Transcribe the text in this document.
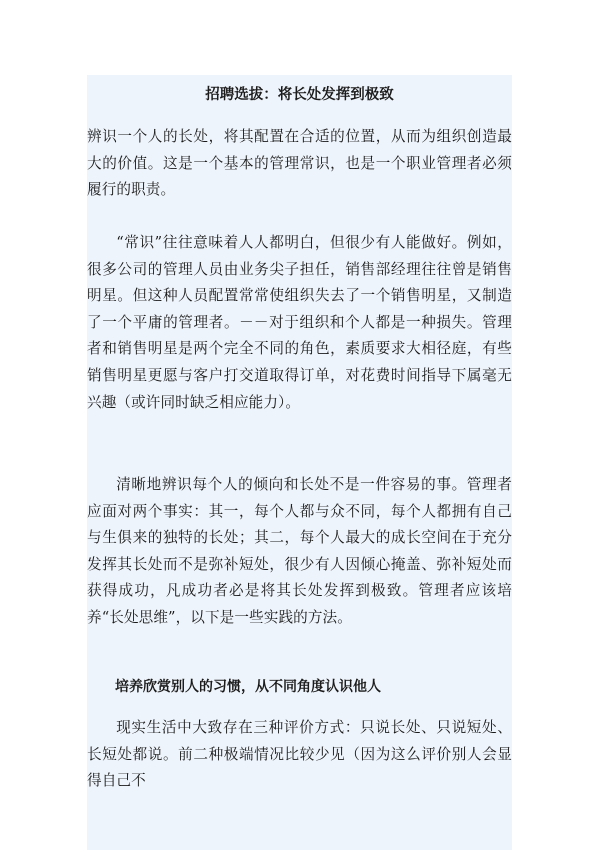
招聘选拔：将长处发挥到极致

辨识一个人的长处，将其配置在合适的位置，从而为组织创造最大的价值。这是一个基本的管理常识，也是一个职业管理者必须履行的职责。

“常识”往往意味着人人都明白，但很少有人能做好。例如，很多公司的管理人员由业务尖子担任，销售部经理往往曾是销售明星。但这种人员配置常常使组织失去了一个销售明星，又制造了一个平庸的管理者。－－对于组织和个人都是一种损失。管理者和销售明星是两个完全不同的角色，素质要求大相径庭，有些销售明星更愿与客户打交道取得订单，对花费时间指导下属毫无兴趣（或许同时缺乏相应能力）。

清晰地辨识每个人的倾向和长处不是一件容易的事。管理者应面对两个事实：其一，每个人都与众不同，每个人都拥有自己与生俱来的独特的长处；其二，每个人最大的成长空间在于充分发挥其长处而不是弥补短处，很少有人因倾心掩盖、弥补短处而获得成功，凡成功者必是将其长处发挥到极致。管理者应该培养“长处思维”，以下是一些实践的方法。

培养欣赏别人的习惯，从不同角度认识他人

现实生活中大致存在三种评价方式：只说长处、只说短处、长短处都说。前二种极端情况比较少见（因为这么评价别人会显得自己不
